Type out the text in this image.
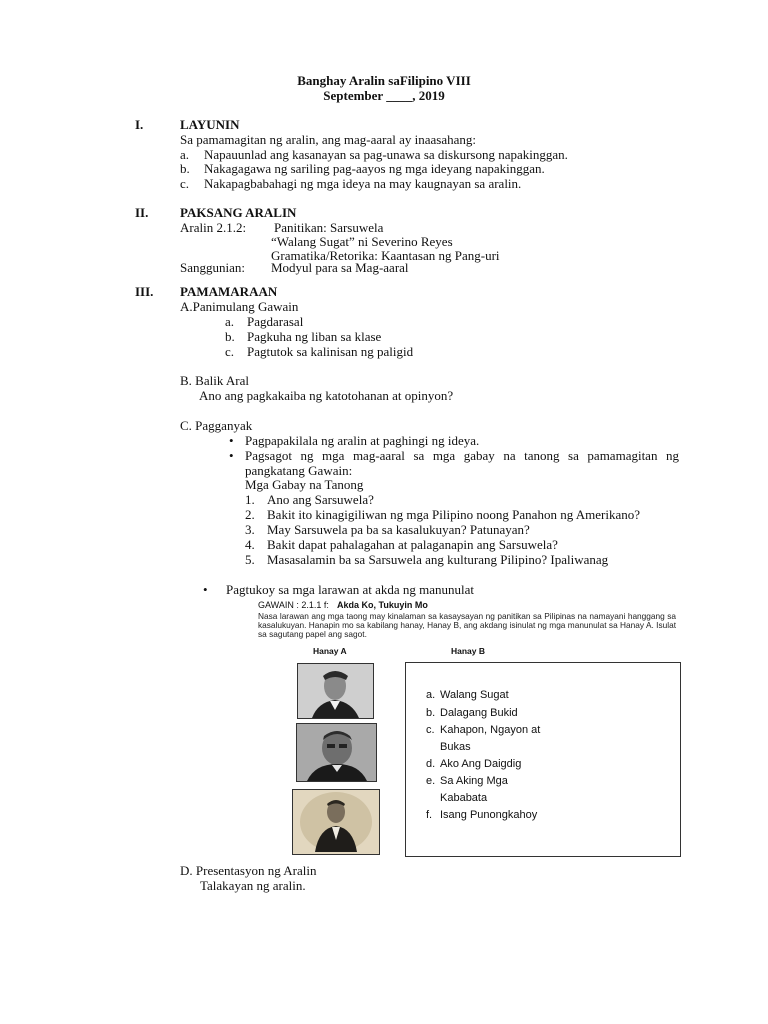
Banghay Aralin saFilipino VIII
September ____, 2019
I.	LAYUNIN
Sa pamamagitan ng aralin, ang mag-aaral ay inaasahang:
a. Napauunlad ang kasanayan sa pag-unawa sa diskursong napakinggan.
b. Nakagagawa ng sariling pag-aayos ng mga ideyang napakinggan.
c. Nakapagbabahagi ng mga ideya na may kaugnayan sa aralin.
II. PAKSANG ARALIN
Aralin 2.1.2: Panitikan: Sarsuwela
“Walang Sugat” ni Severino Reyes
Gramatika/Retorika: Kaantasan ng Pang-uri
Sanggunian: Modyul para sa Mag-aaral
III. PAMAMARAAN
A.Panimulang Gawain
a. Pagdarasal
b. Pagkuha ng liban sa klase
c. Pagtutok sa kalinisan ng paligid
B. Balik Aral
Ano ang pagkakaiba ng katotohanan at opinyon?
C. Pagganyak
• Pagpapakilala ng aralin at paghingi ng ideya.
• Pagsagot ng mga mag-aaral sa mga gabay na tanong sa pamamagitan ng pangkatang Gawain:
Mga Gabay na Tanong
1. Ano ang Sarsuwela?
2. Bakit ito kinagigiliwan ng mga Pilipino noong Panahon ng Amerikano?
3. May Sarsuwela pa ba sa kasalukuyan? Patunayan?
4. Bakit dapat pahalagahan at palaganapin ang Sarsuwela?
5. Masasalamin ba sa Sarsuwela ang kulturang Pilipino? Ipaliwanag
• Pagtukoy sa mga larawan at akda ng manunulat
GAWAIN : 2.1.1 f: Akda Ko, Tukuyin Mo
Nasa larawan ang mga taong may kinalaman sa kasaysayan ng panitikan sa Pilipinas na namayani hanggang sa kasalukuyan. Hanapin mo sa kabilang hanay, Hanay B, ang akdang isinulat ng mga manunulat sa Hanay A. Isulat sa sagutang papel ang sagot.
Hanay A	Hanay B
a. Walang Sugat
b. Dalagang Bukid
c. Kahapon, Ngayon at
Bukas
d. Ako Ang Daigdig
e. Sa Aking Mga
Kababata
f. Isang Punongkahoy
D. Presentasyon ng Aralin
Talakayan ng aralin.
